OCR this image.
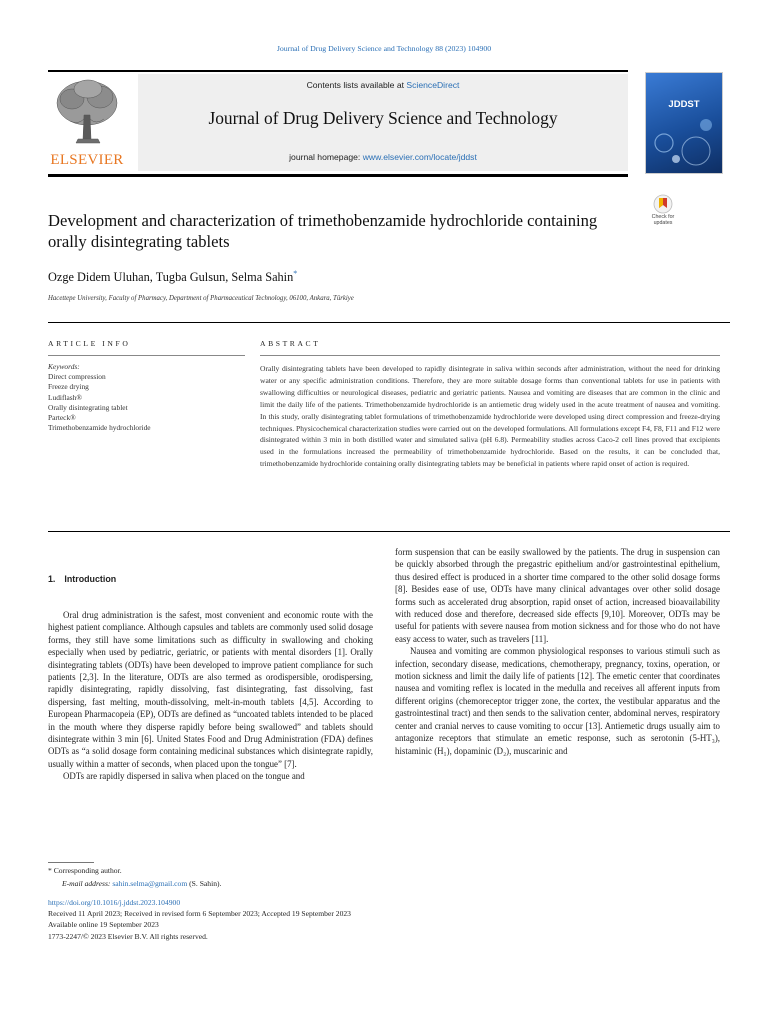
Journal of Drug Delivery Science and Technology 88 (2023) 104900
ELSEVIER
Contents lists available at ScienceDirect
Journal of Drug Delivery Science and Technology
journal homepage: www.elsevier.com/locate/jddst
JDDST
Development and characterization of trimethobenzamide hydrochloride containing orally disintegrating tablets
Check for
updates
Ozge Didem Uluhan, Tugba Gulsun, Selma Sahin*
Hacettepe University, Faculty of Pharmacy, Department of Pharmaceutical Technology, 06100, Ankara, Türkiye
ARTICLE INFO
Keywords:
Direct compression
Freeze drying
Ludiflash®
Orally disintegrating tablet
Parteck®
Trimethobenzamide hydrochloride
ABSTRACT
Orally disintegrating tablets have been developed to rapidly disintegrate in saliva within seconds after administration, without the need for drinking water or any specific administration conditions. Therefore, they are more suitable dosage forms than conventional tablets for use in patients with swallowing difficulties or neurological diseases, pediatric and geriatric patients. Nausea and vomiting are diseases that are common in the clinic and limit the daily life of the patients. Trimethobenzamide hydrochloride is an antiemetic drug widely used in the acute treatment of nausea and vomiting. In this study, orally disintegrating tablet formulations of trimethobenzamide hydrochloride were developed using direct compression and freeze-drying techniques. Physicochemical characterization studies were carried out on the developed formulations. All formulations except F4, F8, F11 and F12 were disintegrated within 3 min in both distilled water and simulated saliva (pH 6.8). Permeability studies across Caco-2 cell lines proved that excipients used in the formulations increased the permeability of trimethobenzamide hydrochloride. Based on the results, it can be concluded that, trimethobenzamide hydrochloride containing orally disintegrating tablets may be beneficial in patients where rapid onset of action is required.
1. Introduction

Oral drug administration is the safest, most convenient and economic route with the highest patient compliance. Although capsules and tablets are commonly used solid dosage forms, they still have some limitations such as difficulty in swallowing and choking especially when used by pediatric, geriatric, or patients with mental disorders [1]. Orally disintegrating tablets (ODTs) have been developed to improve patient compliance for such patients [2,3]. In the literature, ODTs are also termed as orodispersible, orodispersing, rapidly disintegrating, rapidly dissolving, fast disintegrating, fast dissolving, fast dispersing, fast melting, mouth-dissolving, melt-in-mouth tablets [4,5]. According to European Pharmacopeia (EP), ODTs are defined as “uncoated tablets intended to be placed in the mouth where they disperse rapidly before being swallowed” and tablets should disintegrate within 3 min [6]. United States Food and Drug Administration (FDA) defines ODTs as “a solid dosage form containing medicinal substances which disintegrate rapidly, usually within a matter of seconds, when placed upon the tongue” [7].

ODTs are rapidly dispersed in saliva when placed on the tongue and

form suspension that can be easily swallowed by the patients. The drug in suspension can be quickly absorbed through the pregastric epithelium and/or gastrointestinal epithelium, thus desired effect is produced in a shorter time compared to the other solid dosage forms [8]. Besides ease of use, ODTs have many clinical advantages over other solid dosage forms such as accelerated drug absorption, rapid onset of action, increased bioavailability with reduced dose and therefore, decreased side effects [9,10]. Moreover, ODTs may be useful for patients with severe nausea from motion sickness and for those who do not have easy access to water, such as travelers [11].

Nausea and vomiting are common physiological responses to various stimuli such as infection, secondary disease, medications, chemotherapy, pregnancy, toxins, operation, or motion sickness and limit the daily life of patients [12]. The emetic center that coordinates nausea and vomiting reflex is located in the medulla and receives all afferent inputs from different origins (chemoreceptor trigger zone, the cortex, the vestibular apparatus and the gastrointestinal tract) and then sends to the salivation center, abdominal nerves, respiratory center and cranial nerves to cause vomiting to occur [13]. Antiemetic drugs usually aim to antagonize receptors that stimulate an emetic response, such as serotonin (5-HT₃), histaminic (H₁), dopaminic (D₂), muscarinic and

* Corresponding author.
E-mail address: sahin.selma@gmail.com (S. Sahin).
https://doi.org/10.1016/j.jddst.2023.104900
Received 11 April 2023; Received in revised form 6 September 2023; Accepted 19 September 2023
Available online 19 September 2023
1773-2247/© 2023 Elsevier B.V. All rights reserved.
